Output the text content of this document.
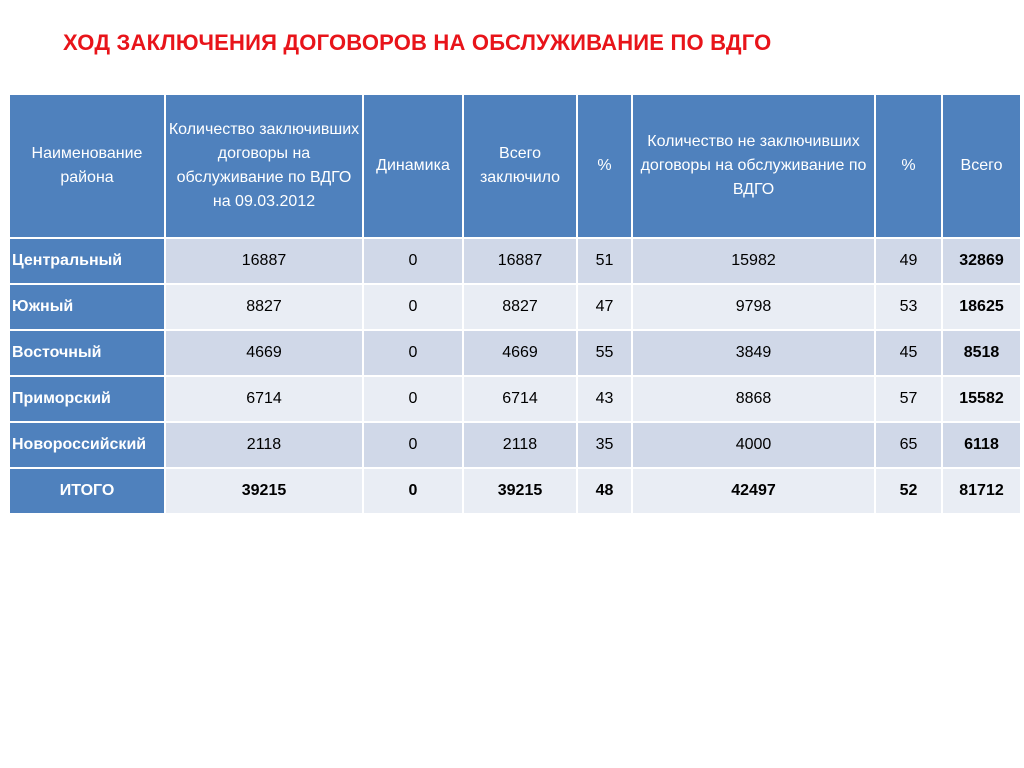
ХОД ЗАКЛЮЧЕНИЯ ДОГОВОРОВ НА ОБСЛУЖИВАНИЕ ПО ВДГО
Наименование района	Количество заключивших договоры на обслуживание по ВДГО на 09.03.2012	Динамика	Всего заключило	%	Количество не заключивших договоры на обслуживание по ВДГО	%	Всего
Центральный	16887	0	16887	51	15982	49	32869
Южный	8827	0	8827	47	9798	53	18625
Восточный	4669	0	4669	55	3849	45	8518
Приморский	6714	0	6714	43	8868	57	15582
Новороссийский	2118	0	2118	35	4000	65	6118
ИТОГО	39215	0	39215	48	42497	52	81712
